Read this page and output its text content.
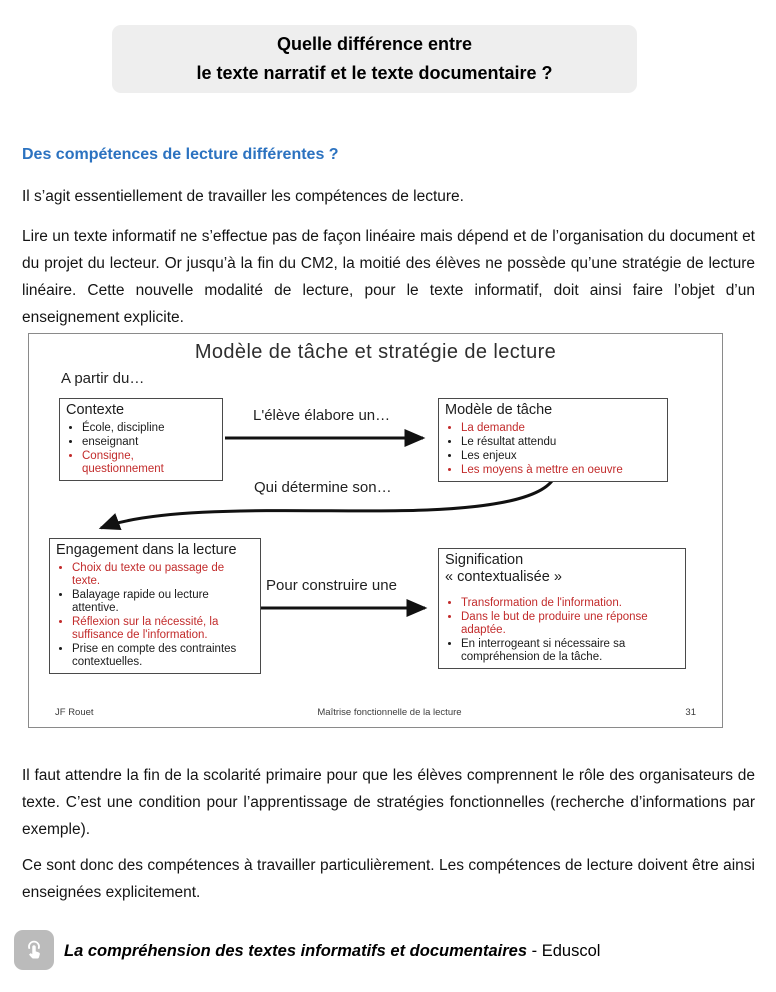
Quelle différence entre
le texte narratif et le texte documentaire ?
Des compétences de lecture différentes ?

Il s’agit essentiellement de travailler les compétences de lecture.

Lire un texte informatif ne s’effectue pas de façon linéaire mais dépend et de l’organisation du document et du projet du lecteur. Or jusqu’à la fin du CM2, la moitié des élèves ne possède qu’une stratégie de lecture linéaire. Cette nouvelle modalité de lecture, pour le texte informatif, doit ainsi faire l’objet d’un enseignement explicite.

Modèle de tâche et stratégie de lecture
A partir du…
L'élève élabore un…
Qui détermine son…
Pour construire une
Contexte
• École, discipline
• enseignant
• Consigne, questionnement
Modèle de tâche
• La demande
• Le résultat attendu
• Les enjeux
• Les moyens à mettre en oeuvre
Engagement dans la lecture
• Choix du texte ou passage de texte.
• Balayage rapide ou lecture attentive.
• Réflexion sur la nécessité, la suffisance de l'information.
• Prise en compte des contraintes contextuelles.
Signification
« contextualisée »
• Transformation de l'information.
• Dans le but de produire une réponse adaptée.
• En interrogeant si nécessaire sa compréhension de la tâche.
JF Rouet	Maîtrise fonctionnelle de la lecture	31

Il faut attendre la fin de la scolarité primaire pour que les élèves comprennent le rôle des organisateurs de texte. C’est une condition pour l’apprentissage de stratégies fonctionnelles (recherche d’informations par exemple).

Ce sont donc des compétences à travailler particulièrement. Les compétences de lecture doivent être ainsi enseignées explicitement.

La compréhension des textes informatifs et documentaires - Eduscol
